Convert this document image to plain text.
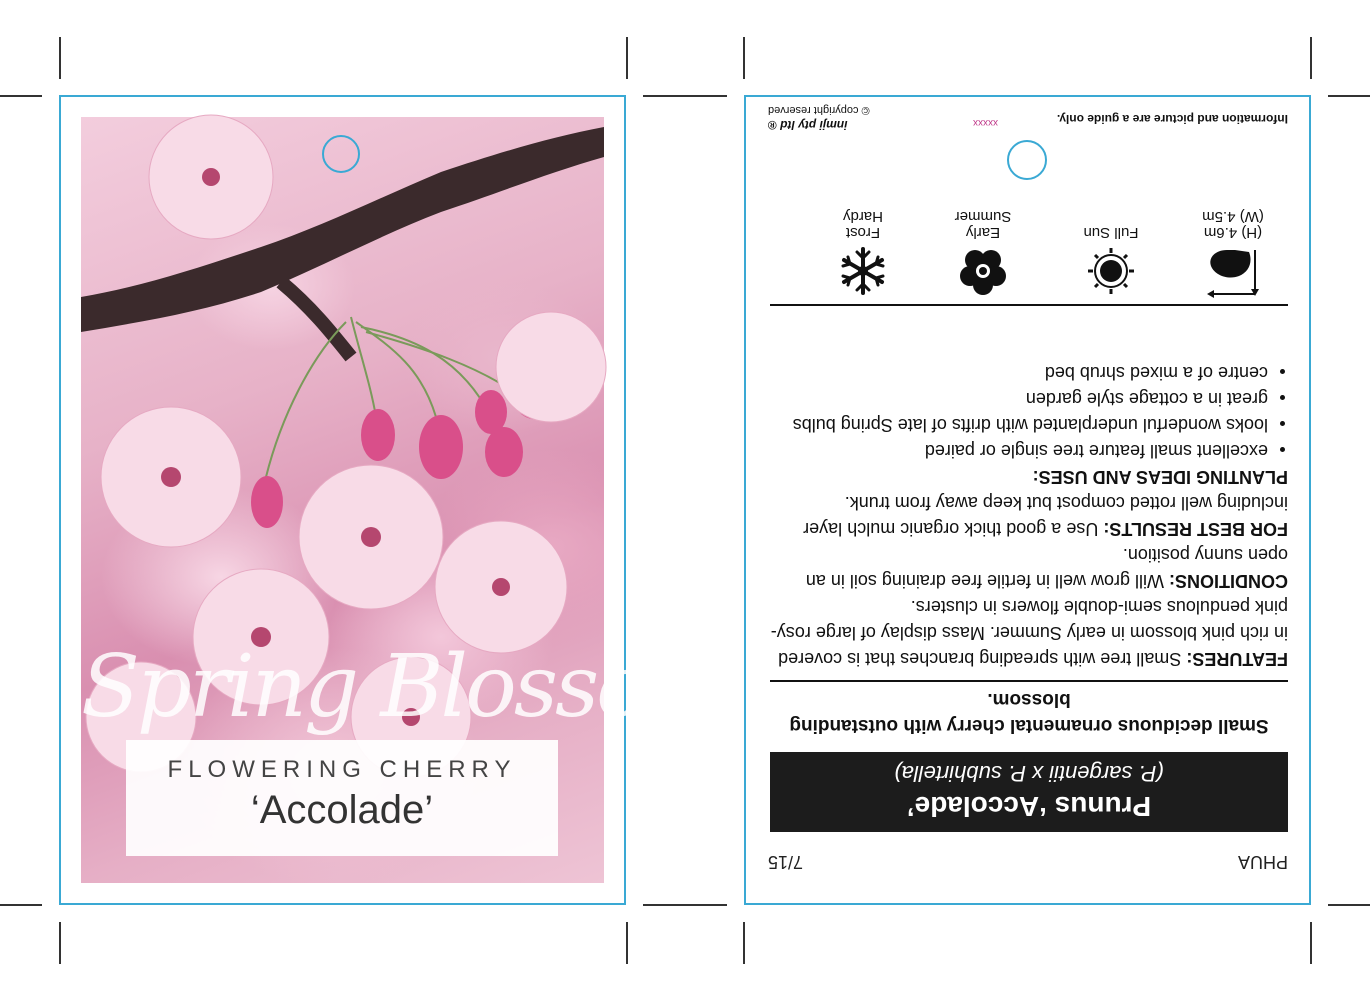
Spring Blossom
FLOWERING CHERRY
‘Accolade’
PHUA
7/15
Prunus ‘Accolade’
(P. sargentii x P. subhirtella)
Small deciduous ornamental cherry with outstanding blossom.

FEATURES: Small tree with spreading branches that is covered in rich pink blossom in early Summer. Mass display of large rosy-pink pendulous semi-double flowers in clusters.

CONDITIONS: Will grow well in fertile free draining soil in an open sunny position.

FOR BEST RESULTS: Use a good thick organic mulch layer including well rotted compost but keep away from trunk.

PLANTING IDEAS AND USES:

• excellent small feature tree single or paired
• looks wonderful underplanted with drifts of late Spring bulbs
• great in a cottage style garden
• centre of a mixed shrub bed
(H) 4.6m
(W) 4.5m
Full Sun
Early
Summer
Frost
Hardy
Information and picture are a guide only.
xxxxx
inmji pty ltd ®
© copyright reserved
